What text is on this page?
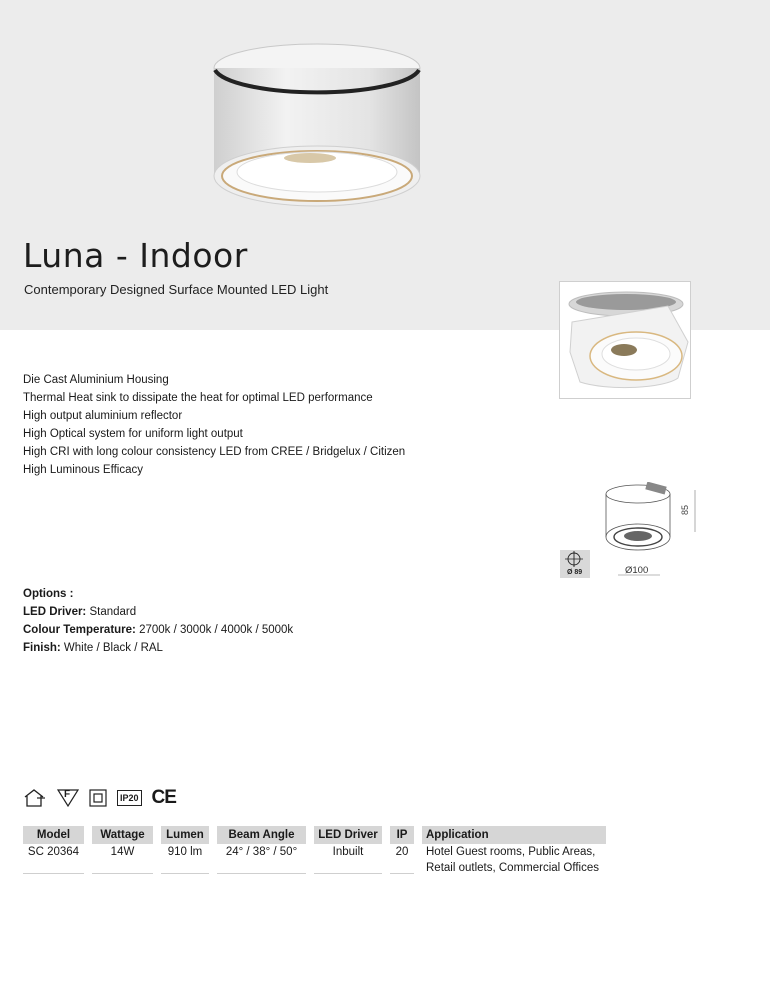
Luna - Indoor
Contemporary Designed Surface Mounted LED Light
Die Cast Aluminium Housing
Thermal Heat sink to dissipate the heat for optimal LED performance
High output aluminium reflector
High Optical system for uniform light output
High CRI with long colour consistency LED from CREE / Bridgelux / Citizen
High Luminous Efficacy
85
Ø100
Ø 89
Options :
LED Driver: Standard
Colour Temperature: 2700k / 3000k / 4000k / 5000k
Finish: White / Black / RAL
F	IP20 CE
Model		Wattage		Lumen		Beam Angle		LED Driver		IP		Application
SC 20364		14W		910 lm		24° / 38° / 50°		Inbuilt		20		Hotel Guest rooms, Public Areas,
Retail outlets, Commercial Offices
